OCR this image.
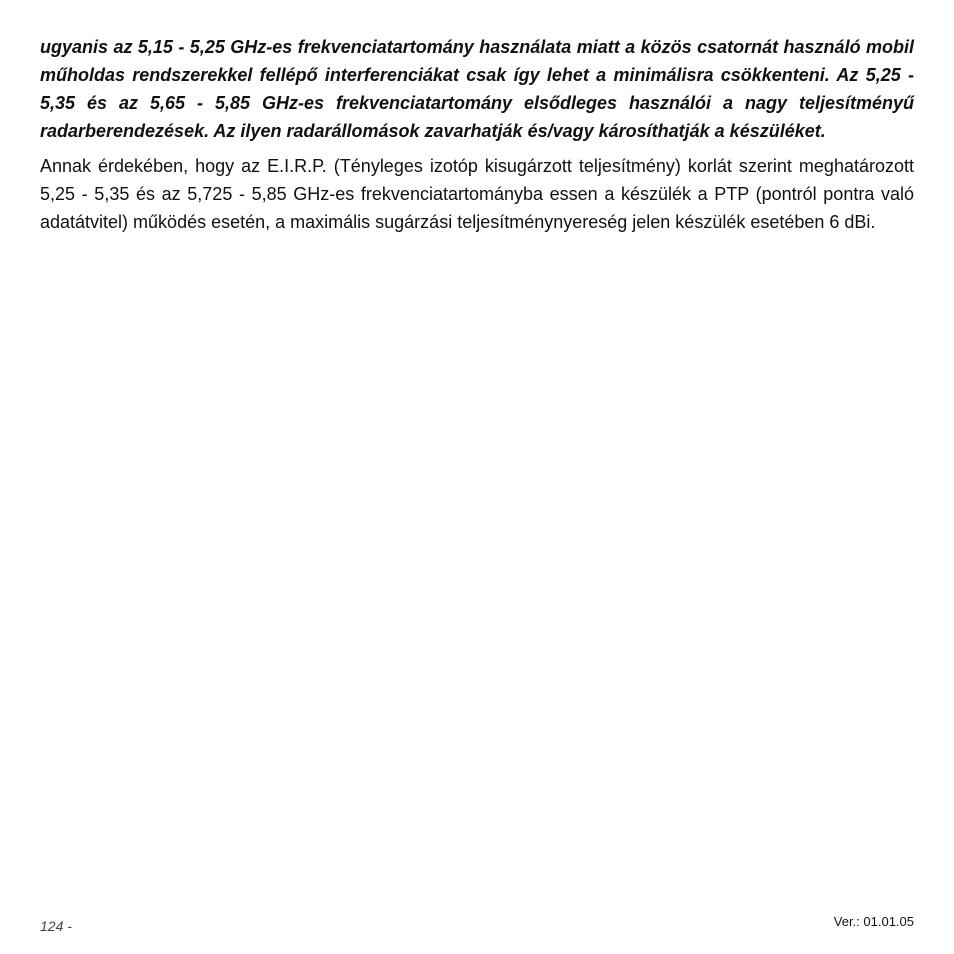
ugyanis az 5,15 - 5,25 GHz-es frekvenciatartomány használata miatt a közös csatornát használó mobil műholdas rendszerekkel fellépő interferenciákat csak így lehet a minimálisra csökkenteni. Az 5,25 - 5,35 és az 5,65 - 5,85 GHz-es frekvenciatartomány elsődleges használói a nagy teljesítményű radarberendezések. Az ilyen radarállomások zavarhatják és/vagy károsíthatják a készüléket.

Annak érdekében, hogy az E.I.R.P. (Tényleges izotóp kisugárzott teljesítmény) korlát szerint meghatározott 5,25 - 5,35 és az 5,725 - 5,85 GHz-es frekvenciatartományba essen a készülék a PTP (pontról pontra való adatátvitel) működés esetén, a maximális sugárzási teljesítménynyereség jelen készülék esetében 6 dBi.

124 -	Ver.: 01.01.05
